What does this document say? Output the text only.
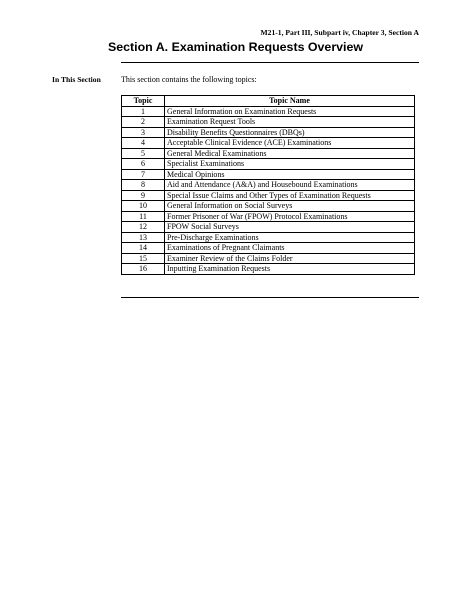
M21-1, Part III, Subpart iv, Chapter 3, Section A
Section A. Examination Requests Overview
In This Section	This section contains the following topics:
Topic	Topic Name
1	General Information on Examination Requests
2	Examination Request Tools
3	Disability Benefits Questionnaires (DBQs)
4	Acceptable Clinical Evidence (ACE) Examinations
5	General Medical Examinations
6	Specialist Examinations
7	Medical Opinions
8	Aid and Attendance (A&A) and Housebound Examinations
9	Special Issue Claims and Other Types of Examination Requests
10	General Information on Social Surveys
11	Former Prisoner of War (FPOW) Protocol Examinations
12	FPOW Social Surveys
13	Pre-Discharge Examinations
14	Examinations of Pregnant Claimants
15	Examiner Review of the Claims Folder
16	Inputting Examination Requests
